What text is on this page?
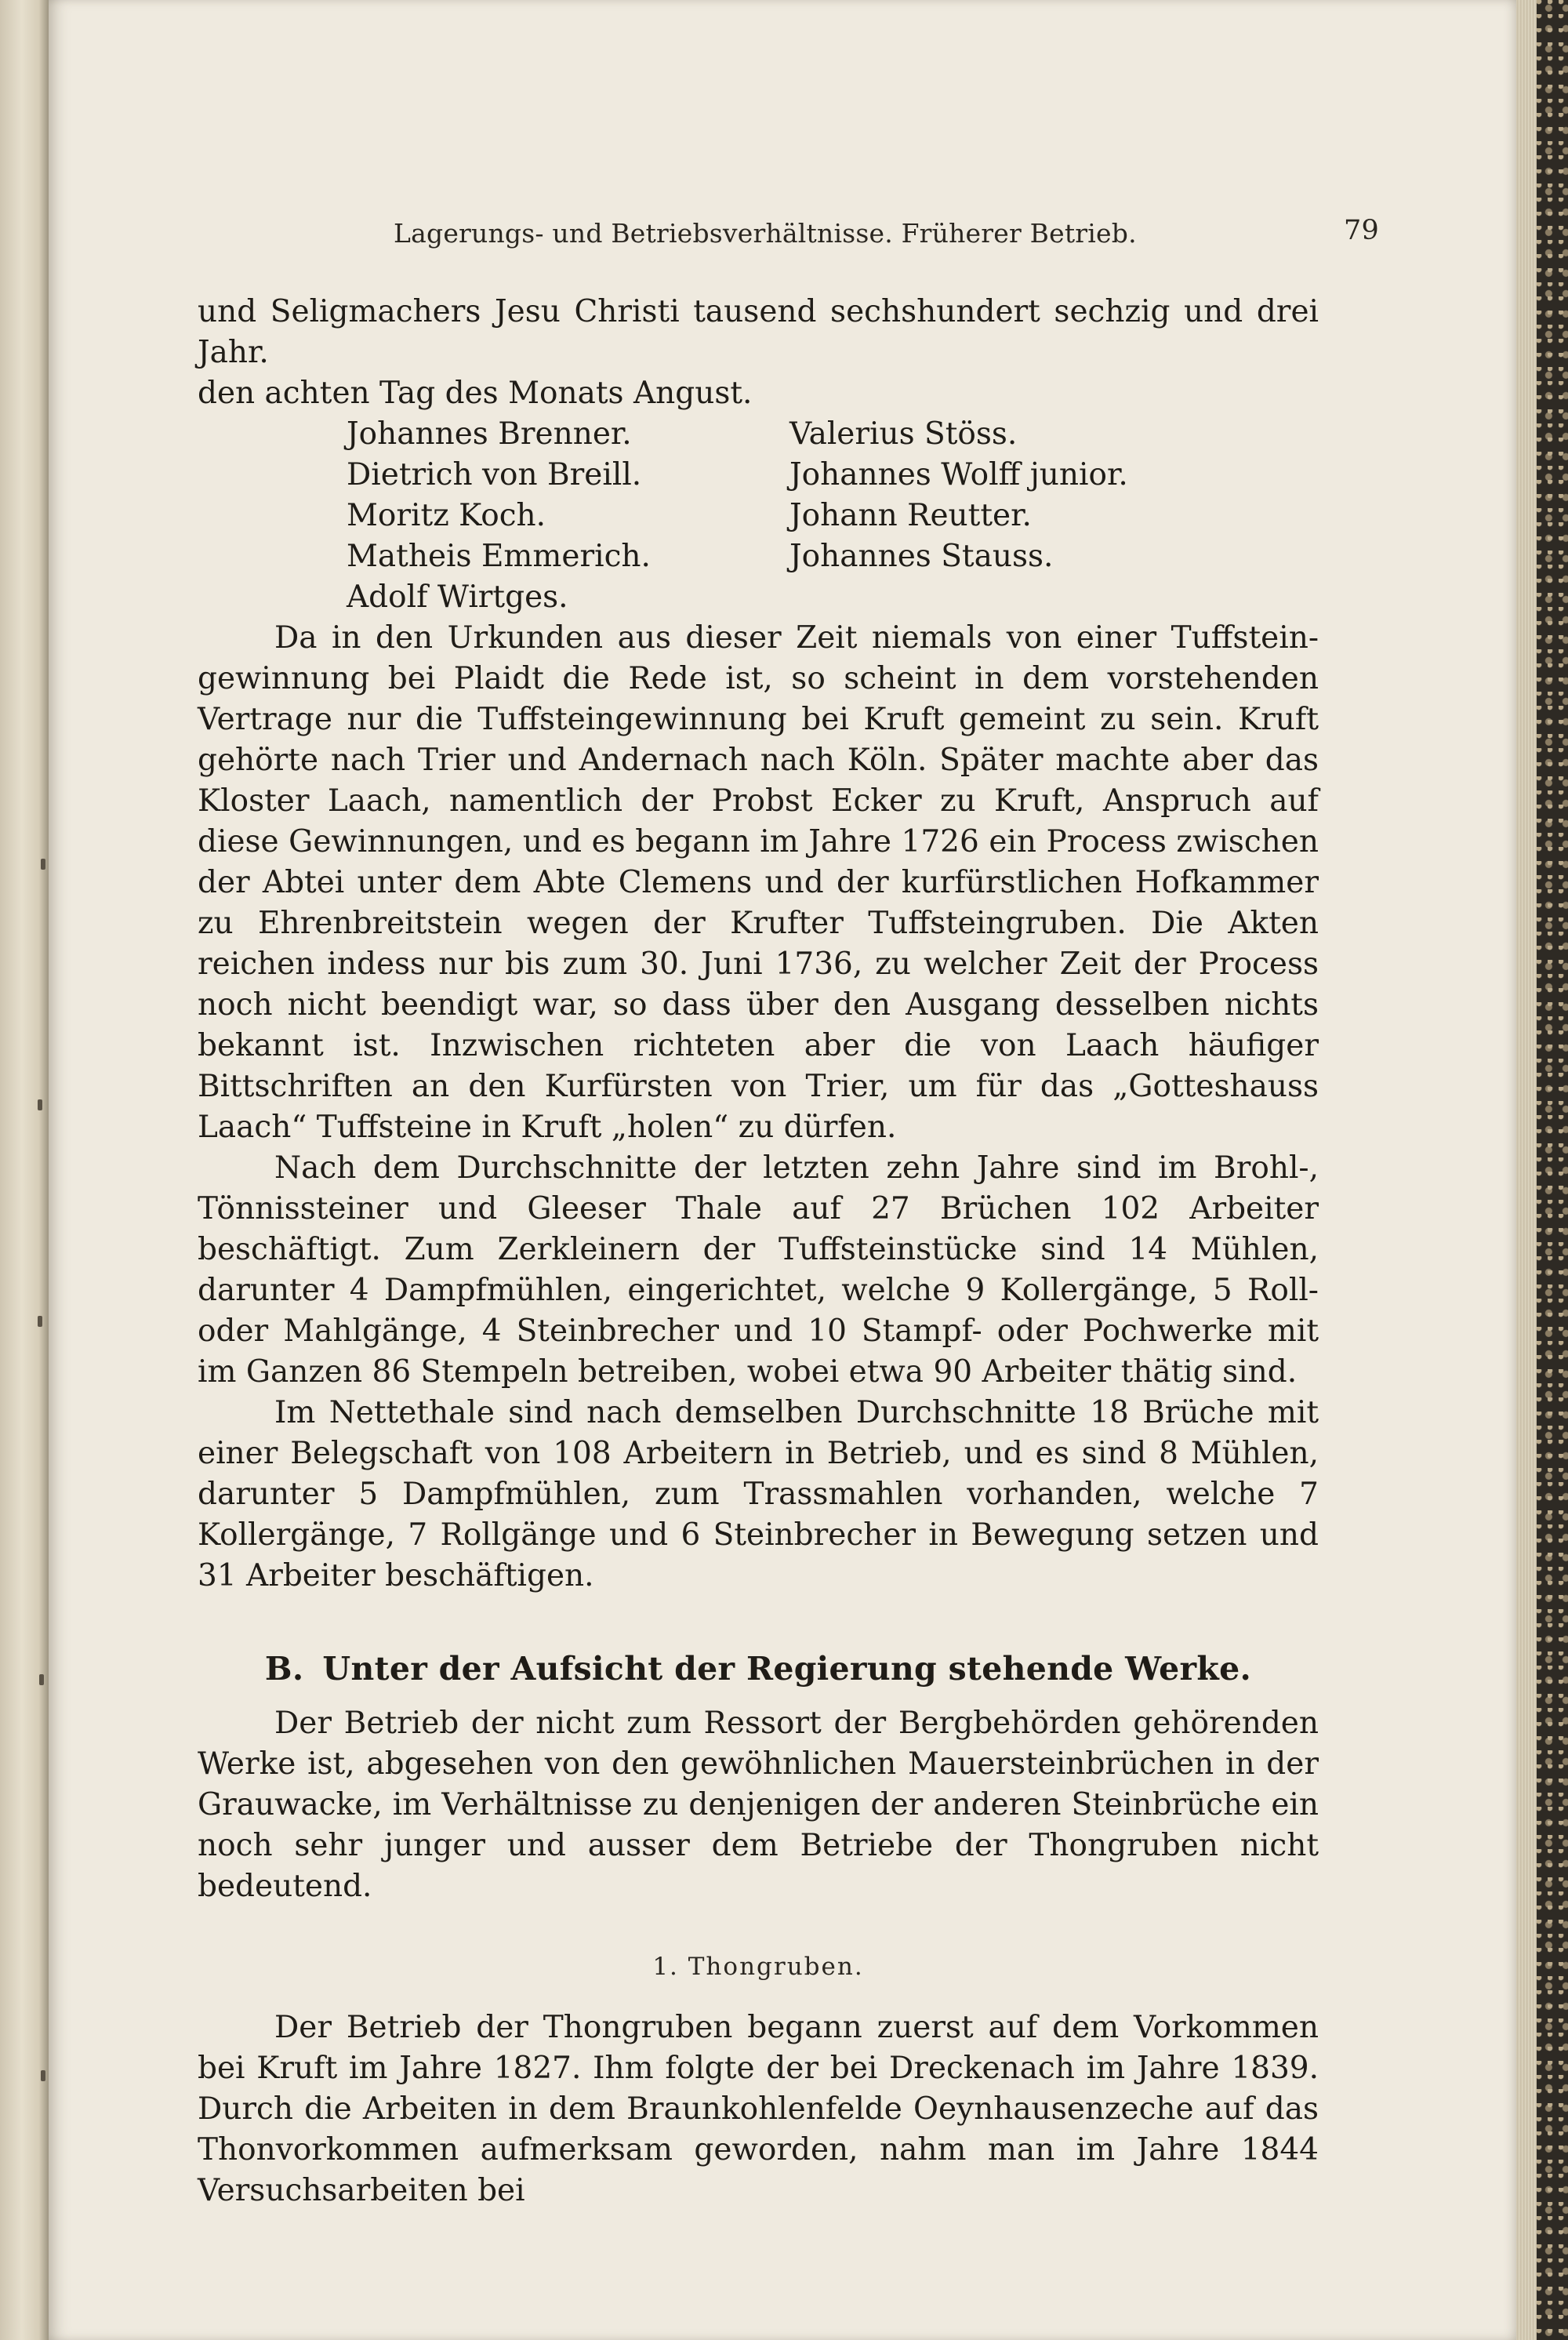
Lagerungs- und Betriebsverhältnisse. Früherer Betrieb.	79

und Seligmachers Jesu Christi tausend sechshundert sechzig und drei Jahr.

den achten Tag des Monats Angust.

Johannes Brenner.	Valerius Stöss.
Dietrich von Breill.	Johannes Wolff junior.
Moritz Koch.	Johann Reutter.
Matheis Emmerich.	Johannes Stauss.
Adolf Wirtges.

Da in den Urkunden aus dieser Zeit niemals von einer Tuffstein-gewinnung bei Plaidt die Rede ist, so scheint in dem vorstehenden Vertrage nur die Tuffsteingewinnung bei Kruft gemeint zu sein. Kruft gehörte nach Trier und Andernach nach Köln. Später machte aber das Kloster Laach, namentlich der Probst Ecker zu Kruft, Anspruch auf diese Gewinnungen, und es begann im Jahre 1726 ein Process zwischen der Abtei unter dem Abte Clemens und der kurfürstlichen Hofkammer zu Ehrenbreitstein wegen der Krufter Tuffsteingruben. Die Akten reichen indess nur bis zum 30. Juni 1736, zu welcher Zeit der Process noch nicht beendigt war, so dass über den Ausgang desselben nichts bekannt ist. Inzwischen richteten aber die von Laach häufiger Bittschriften an den Kurfürsten von Trier, um für das „Gotteshauss Laach“ Tuffsteine in Kruft „holen“ zu dürfen.

Nach dem Durchschnitte der letzten zehn Jahre sind im Brohl-, Tönnissteiner und Gleeser Thale auf 27 Brüchen 102 Arbeiter beschäftigt. Zum Zerkleinern der Tuffsteinstücke sind 14 Mühlen, darunter 4 Dampfmühlen, eingerichtet, welche 9 Kollergänge, 5 Roll- oder Mahlgänge, 4 Steinbrecher und 10 Stampf- oder Pochwerke mit im Ganzen 86 Stempeln betreiben, wobei etwa 90 Arbeiter thätig sind.

Im Nettethale sind nach demselben Durchschnitte 18 Brüche mit einer Belegschaft von 108 Arbeitern in Betrieb, und es sind 8 Mühlen, darunter 5 Dampfmühlen, zum Trassmahlen vorhanden, welche 7 Kollergänge, 7 Rollgänge und 6 Steinbrecher in Bewegung setzen und 31 Arbeiter beschäftigen.

B. Unter der Aufsicht der Regierung stehende Werke.

Der Betrieb der nicht zum Ressort der Bergbehörden gehörenden Werke ist, abgesehen von den gewöhnlichen Mauersteinbrüchen in der Grauwacke, im Verhältnisse zu denjenigen der anderen Steinbrüche ein noch sehr junger und ausser dem Betriebe der Thongruben nicht bedeutend.

1. Thongruben.

Der Betrieb der Thongruben begann zuerst auf dem Vorkommen bei Kruft im Jahre 1827. Ihm folgte der bei Dreckenach im Jahre 1839. Durch die Arbeiten in dem Braunkohlenfelde Oeynhausenzeche auf das Thonvorkommen aufmerksam geworden, nahm man im Jahre 1844 Versuchsarbeiten bei
